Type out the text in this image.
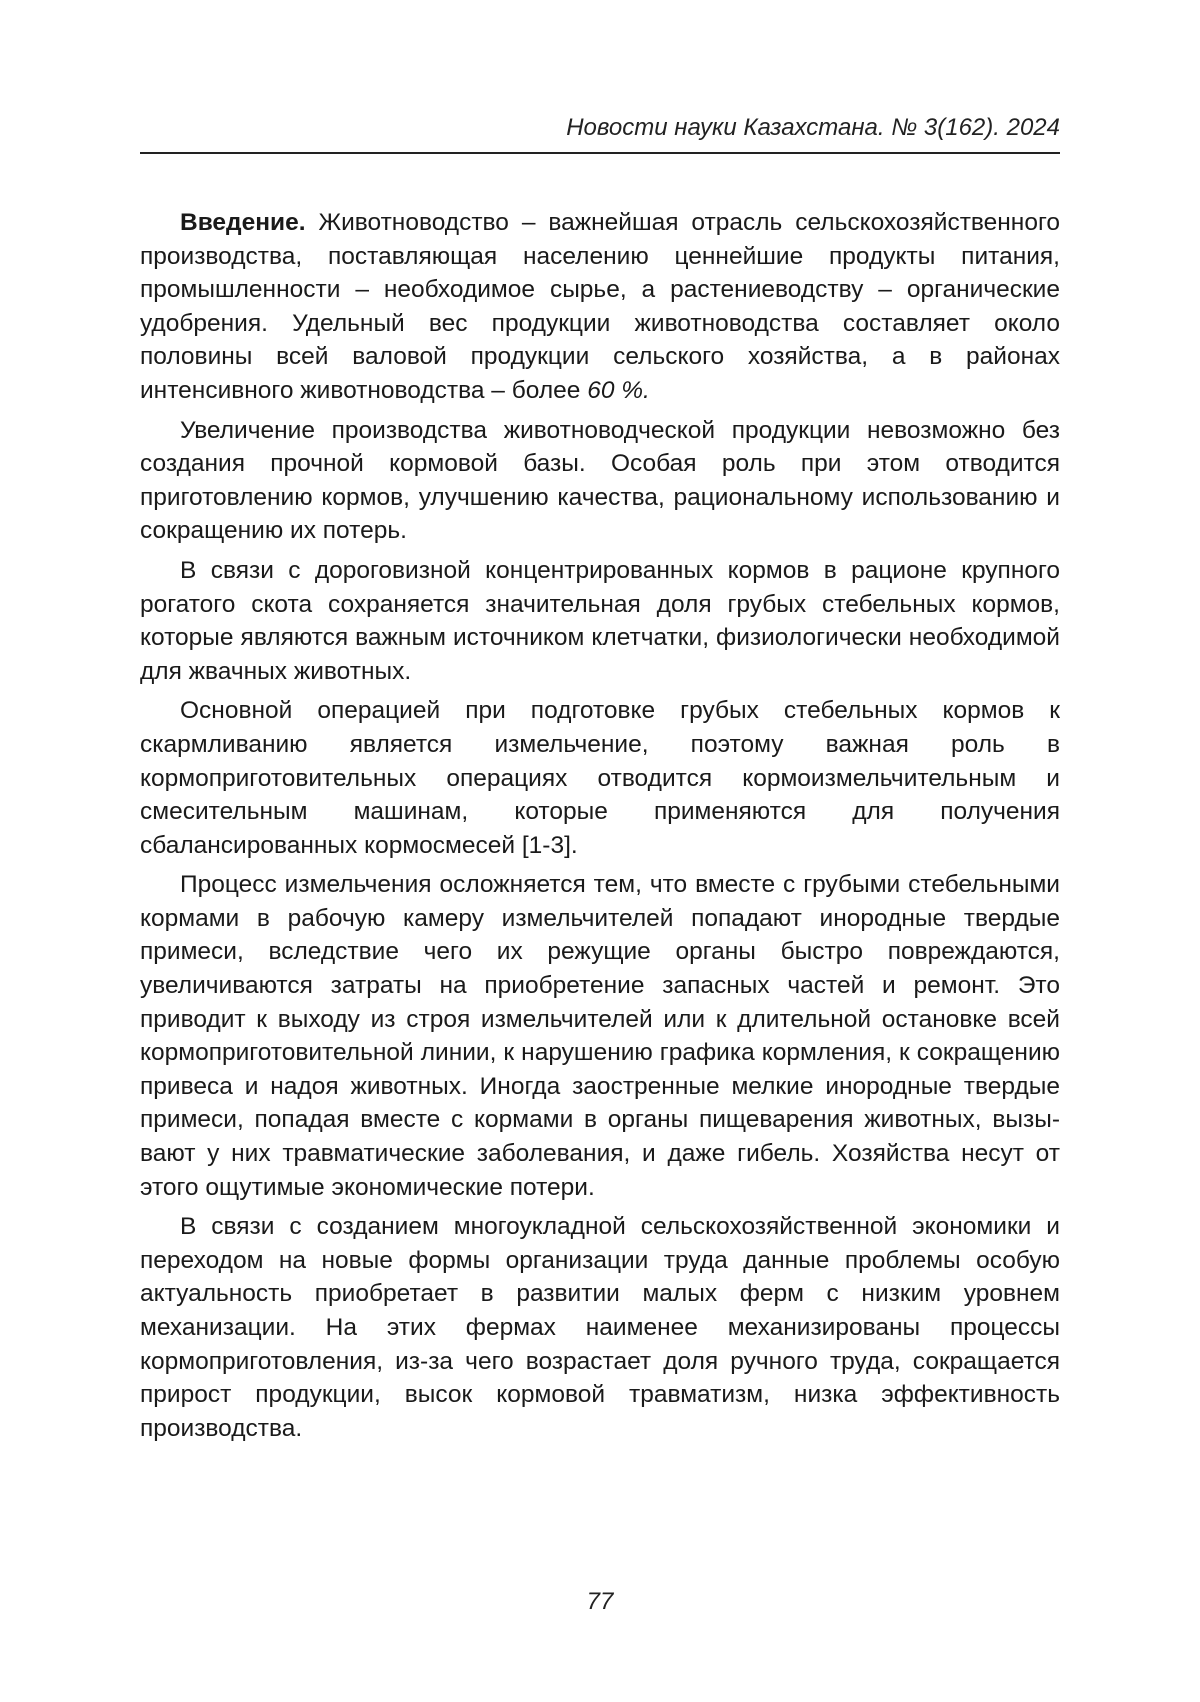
Новости науки Казахстана. № 3(162). 2024

Введение. Животноводство – важнейшая отрасль сельскохозяйственного производства, поставляющая населению ценнейшие продукты питания, промышленности – необходимое сырье, а растениеводству – органические удобрения. Удельный вес продукции животноводства составляет около половины всей валовой продукции сельского хозяйства, а в районах интенсивного животноводства – более 60 %.

Увеличение производства животноводческой продукции невозможно без создания прочной кормовой базы. Особая роль при этом отводится приготовлению кормов, улучшению качества, рациональному использованию и сокращению их потерь.

В связи с дороговизной концентрированных кормов в рационе крупного рогатого скота сохраняется значительная доля грубых стебельных кормов, которые являются важным источником клетчатки, физиологически необходимой для жвачных животных.

Основной операцией при подготовке грубых стебельных кормов к скармливанию является измельчение, поэтому важная роль в кормоприготовительных операциях отводится кормоизмельчительным и смесительным машинам, которые применяются для получения сбалансированных кормосмесей [1-3].

Процесс измельчения осложняется тем, что вместе с грубыми стебельными кормами в рабочую камеру измельчителей попадают инородные твердые примеси, вследствие чего их режущие органы быстро повреждаются, увеличиваются затраты на приобретение запасных частей и ремонт. Это приводит к выходу из строя измельчителей или к длительной остановке всей кормоприготовительной линии, к нарушению графика кормления, к сокращению привеса и надоя животных. Иногда заостренные мелкие инородные твердые примеси, попадая вместе с кормами в органы пищеварения животных, вызывают у них травматические заболевания, и даже гибель. Хозяйства несут от этого ощутимые экономические потери.

В связи с созданием многоукладной сельскохозяйственной экономики и переходом на новые формы организации труда данные проблемы особую актуальность приобретает в развитии малых ферм с низким уровнем механизации. На этих фермах наименее механизированы процессы кормоприготовления, из-за чего возрастает доля ручного труда, сокращается прирост продукции, высок кормовой травматизм, низка эффективность производства.

77
